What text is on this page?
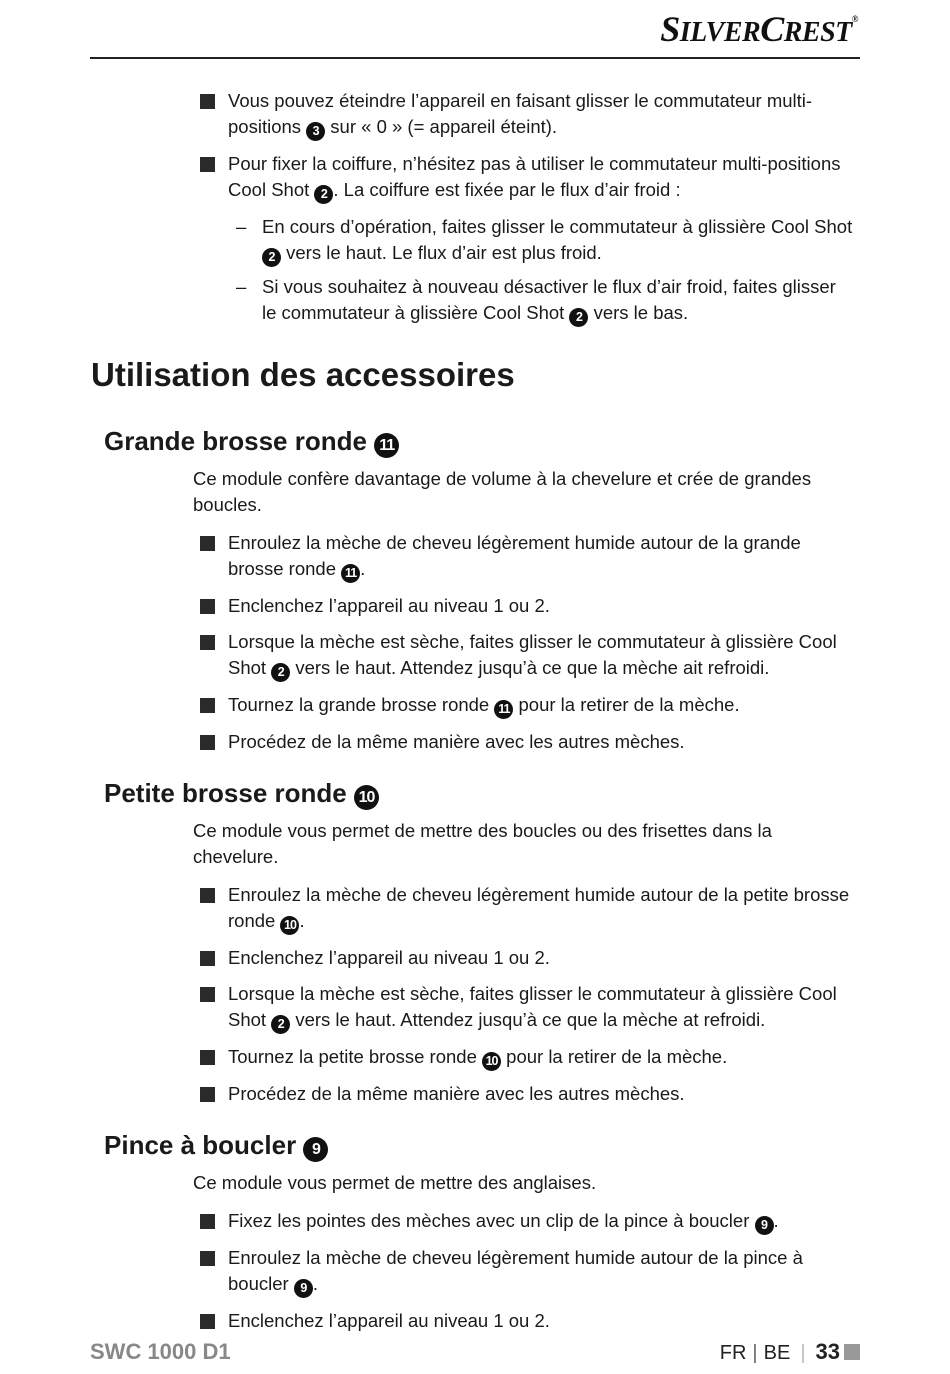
SILVERCREST®
Vous pouvez éteindre l’appareil en faisant glisser le commutateur multi-positions 3 sur « 0 » (= appareil éteint).
Pour fixer la coiffure, n’hésitez pas à utiliser le commutateur multi-positions Cool Shot 2 . La coiffure est fixée par le flux d’air froid :
– En cours d’opération, faites glisser le commutateur à glissière Cool Shot 2 vers le haut. Le flux d’air est plus froid.
– Si vous souhaitez à nouveau désactiver le flux d’air froid, faites glisser le commutateur à glissière Cool Shot 2 vers le bas.
Utilisation des accessoires
Grande brosse ronde 11
Ce module confère davantage de volume à la chevelure et crée de grandes boucles.
Enroulez la mèche de cheveu légèrement humide autour de la grande brosse ronde 11 .
Enclenchez l’appareil au niveau 1 ou 2.
Lorsque la mèche est sèche, faites glisser le commutateur à glissière Cool Shot 2 vers le haut. Attendez jusqu’à ce que la mèche ait refroidi.
Tournez la grande brosse ronde 11 pour la retirer de la mèche.
Procédez de la même manière avec les autres mèches.
Petite brosse ronde 10
Ce module vous permet de mettre des boucles ou des frisettes dans la chevelure.
Enroulez la mèche de cheveu légèrement humide autour de la petite brosse ronde 10 .
Enclenchez l’appareil au niveau 1 ou 2.
Lorsque la mèche est sèche, faites glisser le commutateur à glissière Cool Shot 2 vers le haut. Attendez jusqu’à ce que la mèche at refroidi.
Tournez la petite brosse ronde 10 pour la retirer de la mèche.
Procédez de la même manière avec les autres mèches.
Pince à boucler 9
Ce module vous permet de mettre des anglaises.
Fixez les pointes des mèches avec un clip de la pince à boucler 9 .
Enroulez la mèche de cheveu légèrement humide autour de la pince à boucler 9 .
Enclenchez l’appareil au niveau 1 ou 2.
SWC 1000 D1	FR | BE | 33
